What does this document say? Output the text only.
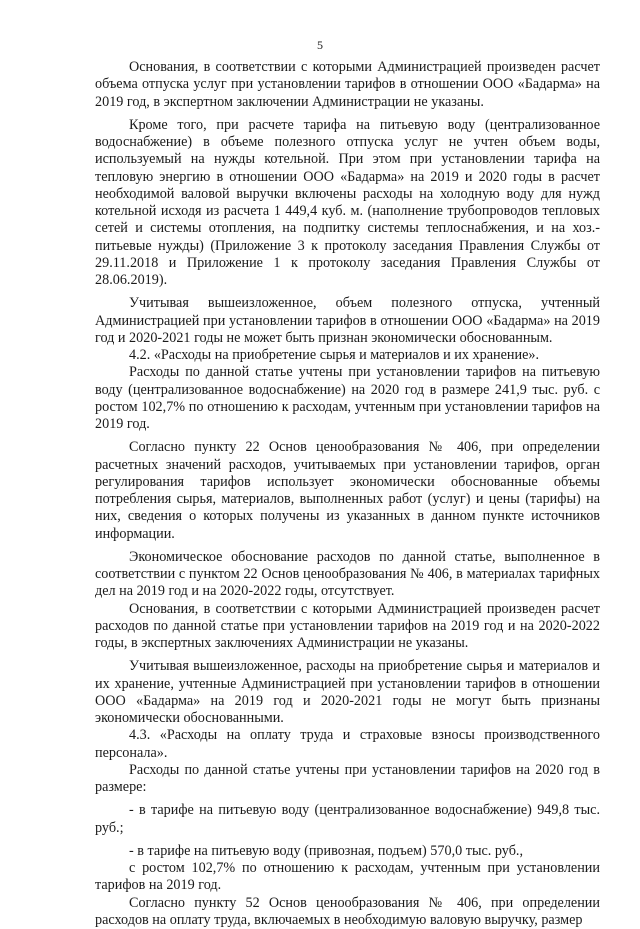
5

Основания, в соответствии с которыми Администрацией произведен расчет объема отпуска услуг при установлении тарифов в отношении ООО «Бадарма» на 2019 год, в экспертном заключении Администрации не указаны.

Кроме того, при расчете тарифа на питьевую воду (централизованное водоснабжение) в объеме полезного отпуска услуг не учтен объем воды, используемый на нужды котельной. При этом при установлении тарифа на тепловую энергию в отношении ООО «Бадарма» на 2019 и 2020 годы в расчет необходимой валовой выручки включены расходы на холодную воду для нужд котельной исходя из расчета 1 449,4 куб. м. (наполнение трубопроводов тепловых сетей и системы отопления, на подпитку системы теплоснабжения, и на хоз.-питьевые нужды) (Приложение 3 к протоколу заседания Правления Службы от 29.11.2018 и Приложение 1 к протоколу заседания Правления Службы от 28.06.2019).

Учитывая вышеизложенное, объем полезного отпуска, учтенный Администрацией при установлении тарифов в отношении ООО «Бадарма» на 2019 год и 2020-2021 годы не может быть признан экономически обоснованным.

4.2. «Расходы на приобретение сырья и материалов и их хранение».

Расходы по данной статье учтены при установлении тарифов на питьевую воду (централизованное водоснабжение) на 2020 год в размере 241,9 тыс. руб. с ростом 102,7% по отношению к расходам, учтенным при установлении тарифов на 2019 год.

Согласно пункту 22 Основ ценообразования № 406, при определении расчетных значений расходов, учитываемых при установлении тарифов, орган регулирования тарифов использует экономически обоснованные объемы потребления сырья, материалов, выполненных работ (услуг) и цены (тарифы) на них, сведения о которых получены из указанных в данном пункте источников информации.

Экономическое обоснование расходов по данной статье, выполненное в соответствии с пунктом 22 Основ ценообразования № 406, в материалах тарифных дел на 2019 год и на 2020-2022 годы, отсутствует.

Основания, в соответствии с которыми Администрацией произведен расчет расходов по данной статье при установлении тарифов на 2019 год и на 2020-2022 годы, в экспертных заключениях Администрации не указаны.

Учитывая вышеизложенное, расходы на приобретение сырья и материалов и их хранение, учтенные Администрацией при установлении тарифов в отношении ООО «Бадарма» на 2019 год и 2020-2021 годы не могут быть признаны экономически обоснованными.

4.3. «Расходы на оплату труда и страховые взносы производственного персонала».

Расходы по данной статье учтены при установлении тарифов на 2020 год в размере:

- в тарифе на питьевую воду (централизованное водоснабжение) 949,8 тыс. руб.;

- в тарифе на питьевую воду (привозная, подъем) 570,0 тыс. руб.,

с ростом 102,7% по отношению к расходам, учтенным при установлении тарифов на 2019 год.

Согласно пункту 52 Основ ценообразования № 406, при определении расходов на оплату труда, включаемых в необходимую валовую выручку, размер
